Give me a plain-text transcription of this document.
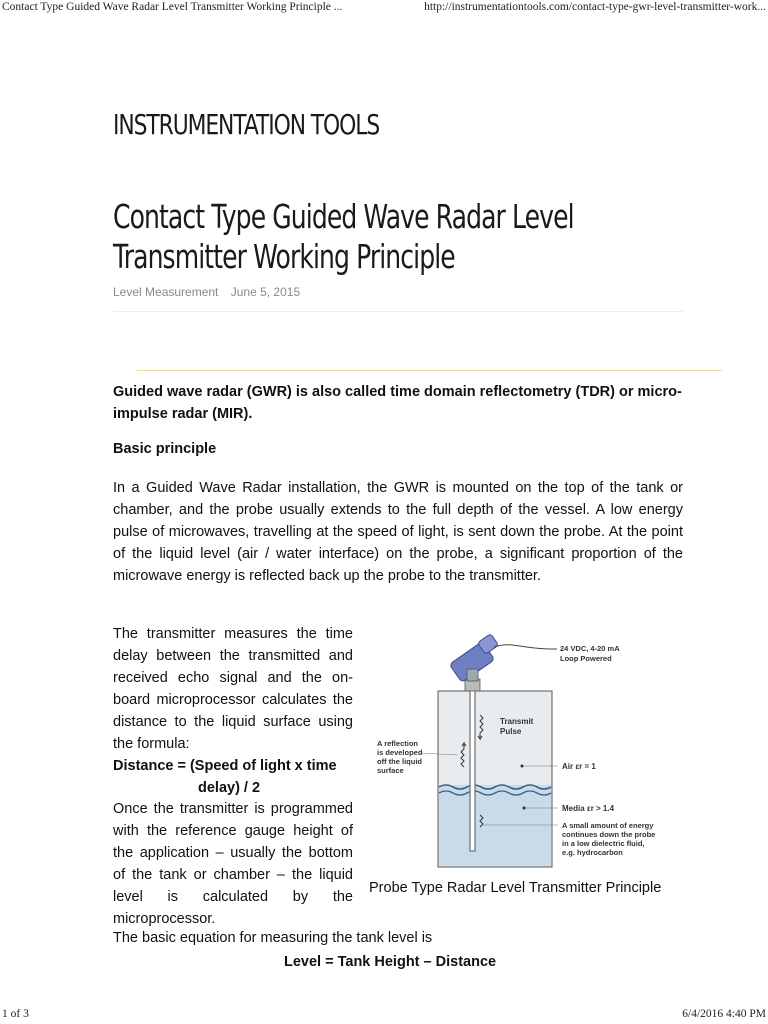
Contact Type Guided Wave Radar Level Transmitter Working Principle ...	http://instrumentationtools.com/contact-type-gwr-level-transmitter-work...
INSTRUMENTATION TOOLS
Contact Type Guided Wave Radar Level Transmitter Working Principle
Level Measurement June 5, 2015
Guided wave radar (GWR) is also called time domain reflectometry (TDR) or micro-impulse radar (MIR).
Basic principle
In a Guided Wave Radar installation, the GWR is mounted on the top of the tank or chamber, and the probe usually extends to the full depth of the vessel. A low energy pulse of microwaves, travelling at the speed of light, is sent down the probe. At the point of the liquid level (air / water interface) on the probe, a significant proportion of the microwave energy is reflected back up the probe to the transmitter.
The transmitter measures the time delay between the transmitted and received echo signal and the on-board microprocessor calculates the distance to the liquid surface using the formula:
Distance = (Speed of light x time
delay) / 2
Once the transmitter is programmed with the reference gauge height of the application – usually the bottom of the tank or chamber – the liquid level is calculated by the microprocessor.
The basic equation for measuring the tank level is
Level = Tank Height – Distance
24 VDC, 4-20 mA
Loop Powered
Transmit
Pulse
A reflection
is developed
off the liquid
surface	Air εr = 1
Media εr > 1.4
A small amount of energy
continues down the probe
in a low dielectric fluid,
e.g. hydrocarbon
Probe Type Radar Level Transmitter Principle
1 of 3	6/4/2016 4:40 PM
